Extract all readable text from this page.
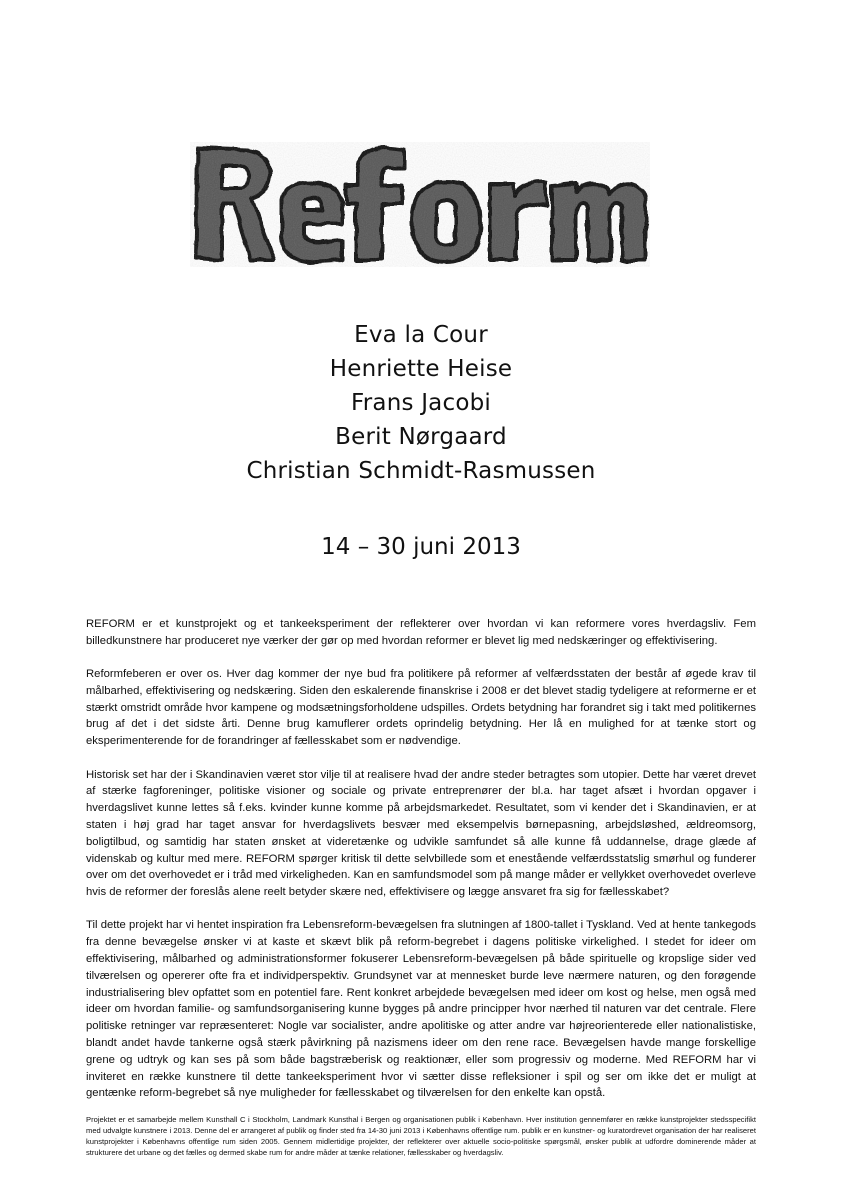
Eva la Cour
Henriette Heise
Frans Jacobi
Berit Nørgaard
Christian Schmidt-Rasmussen
14 – 30 juni 2013

REFORM er et kunstprojekt og et tankeeksperiment der reflekterer over hvordan vi kan reformere vores hverdagsliv. Fem billedkunstnere har produceret nye værker der gør op med hvordan reformer er blevet lig med nedskæringer og effektivisering.

Reformfeberen er over os. Hver dag kommer der nye bud fra politikere på reformer af velfærdsstaten der består af øgede krav til målbarhed, effektivisering og nedskæring. Siden den eskalerende finanskrise i 2008 er det blevet stadig tydeligere at reformerne er et stærkt omstridt område hvor kampene og modsætningsforholdene udspilles. Ordets betydning har forandret sig i takt med politikernes brug af det i det sidste årti. Denne brug kamuflerer ordets oprindelig betydning. Her lå en mulighed for at tænke stort og eksperimenterende for de forandringer af fællesskabet som er nødvendige.

Historisk set har der i Skandinavien været stor vilje til at realisere hvad der andre steder betragtes som utopier. Dette har været drevet af stærke fagforeninger, politiske visioner og sociale og private entreprenører der bl.a. har taget afsæt i hvordan opgaver i hverdagslivet kunne lettes så f.eks. kvinder kunne komme på arbejdsmarkedet. Resultatet, som vi kender det i Skandinavien, er at staten i høj grad har taget ansvar for hverdagslivets besvær med eksempelvis børnepasning, arbejdsløshed, ældreomsorg, boligtilbud, og samtidig har staten ønsket at videretænke og udvikle samfundet så alle kunne få uddannelse, drage glæde af videnskab og kultur med mere. REFORM spørger kritisk til dette selvbillede som et enestående velfærdsstatslig smørhul og funderer over om det overhovedet er i tråd med virkeligheden. Kan en samfundsmodel som på mange måder er vellykket overhovedet overleve hvis de reformer der foreslås alene reelt betyder skære ned, effektivisere og lægge ansvaret fra sig for fællesskabet?

Til dette projekt har vi hentet inspiration fra Lebensreform-bevægelsen fra slutningen af 1800-tallet i Tyskland. Ved at hente tankegods fra denne bevægelse ønsker vi at kaste et skævt blik på reform-begrebet i dagens politiske virkelighed. I stedet for ideer om effektivisering, målbarhed og administrationsformer fokuserer Lebensreform-bevægelsen på både spirituelle og kropslige sider ved tilværelsen og opererer ofte fra et individperspektiv. Grundsynet var at mennesket burde leve nærmere naturen, og den forøgende industrialisering blev opfattet som en potentiel fare. Rent konkret arbejdede bevægelsen med ideer om kost og helse, men også med ideer om hvordan familie- og samfundsorganisering kunne bygges på andre principper hvor nærhed til naturen var det centrale. Flere politiske retninger var repræsenteret: Nogle var socialister, andre apolitiske og atter andre var højreorienterede eller nationalistiske, blandt andet havde tankerne også stærk påvirkning på nazismens ideer om den rene race. Bevægelsen havde mange forskellige grene og udtryk og kan ses på som både bagstræberisk og reaktionær, eller som progressiv og moderne. Med REFORM har vi inviteret en række kunstnere til dette tankeeksperiment hvor vi sætter disse refleksioner i spil og ser om ikke det er muligt at gentænke reform-begrebet så nye muligheder for fællesskabet og tilværelsen for den enkelte kan opstå.

Projektet er et samarbejde mellem Kunsthall C i Stockholm, Landmark Kunsthal i Bergen og organisationen publik i København. Hver institution gennemfører en række kunstprojekter stedsspecifikt med udvalgte kunstnere i 2013. Denne del er arrangeret af publik og finder sted fra 14-30 juni 2013 i Københavns offentlige rum. publik er en kunstner- og kuratordrevet organisation der har realiseret kunstprojekter i Københavns offentlige rum siden 2005. Gennem midlertidige projekter, der reflekterer over aktuelle socio-politiske spørgsmål, ønsker publik at udfordre dominerende måder at strukturere det urbane og det fælles og dermed skabe rum for andre måder at tænke relationer, fællesskaber og hverdagsliv.
